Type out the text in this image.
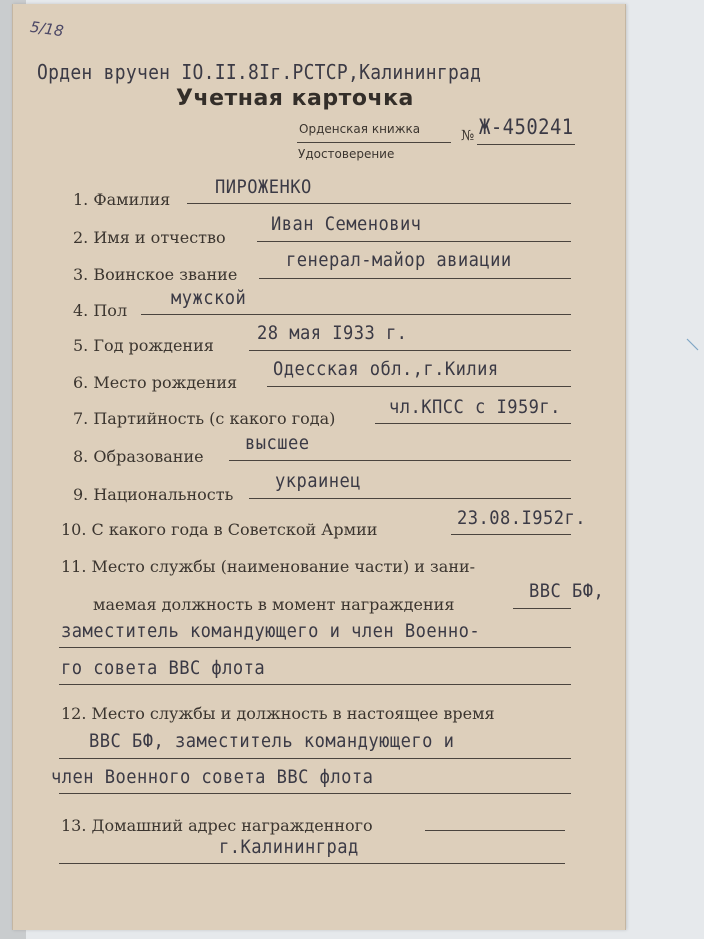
5/18
Орден вручен IO.II.8Iг.РСТСР,Калининград
Учетная карточка
Орденская книжка
Удостоверение
№ Ж-450241
1. Фамилия
ПИРОЖЕНКО
2. Имя и отчество
Иван Семенович
3. Воинское звание
генерал-майор авиации
4. Пол
мужской
5. Год рождения
28 мая I933 г.
6. Место рождения
Одесская обл.,г.Килия
7. Партийность (с какого года)
чл.КПСС с I959г.
8. Образование
высшее
9. Национальность
украинец
10. С какого года в Советской Армии
23.08.I952г.
11. Место службы (наименование части) и зани-
маемая должность в момент награждения
ВВС БФ,
заместитель командующего и член Военно-
го совета ВВС флота
12. Место службы и должность в настоящее время
ВВС БФ, заместитель командующего и
член Военного совета ВВС флота
13. Домашний адрес награжденного
г.Калининград
